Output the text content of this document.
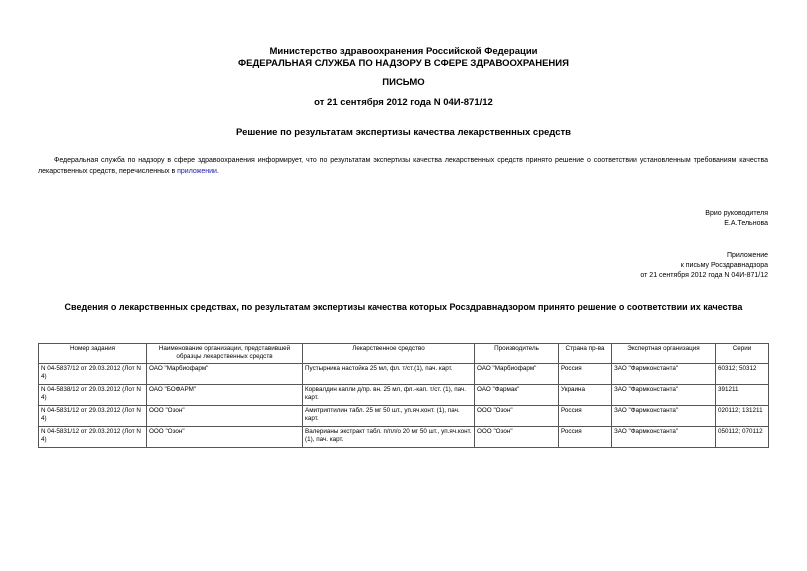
Министерство здравоохранения Российской Федерации
ФЕДЕРАЛЬНАЯ СЛУЖБА ПО НАДЗОРУ В СФЕРЕ ЗДРАВООХРАНЕНИЯ
ПИСЬМО
от 21 сентября 2012 года N 04И-871/12
Решение по результатам экспертизы качества лекарственных средств
Федеральная служба по надзору в сфере здравоохранения информирует, что по результатам экспертизы качества лекарственных средств принято решение о соответствии установленным требованиям качества лекарственных средств, перечисленных в приложении.
Врио руководителя
Е.А.Тельнова
Приложение
к письму Росздравнадзора
от 21 сентября 2012 года N 04И-871/12
Сведения о лекарственных средствах, по результатам экспертизы качества которых Росздравнадзором принято решение о соответствии их качества
Номер задания	Наименование организации, представившей образцы лекарственных средств	Лекарственное средство	Производитель	Страна пр-ва	Экспертная организация	Серии
N 04-5837/12 от 29.03.2012 (Лот N 4)	ОАО "Марбиофарм"	Пустырника настойка 25 мл, фл. т/ст.(1), пач. карт.	ОАО "Марбиофарм"	Россия	ЗАО "Фармконстанта"	60312; 50312
N 04-5838/12 от 29.03.2012 (Лот N 4)	ОАО "БОФАРМ"	Корвалдин капли д/пр. вн. 25 мл, фл.-кап. т/ст. (1), пач. карт.	ОАО "Фармак"	Украина	ЗАО "Фармконстанта"	391211
N 04-5831/12 от 29.03.2012 (Лот N 4)	ООО "Озон"	Амитриптилин табл. 25 мг 50 шт., уп.яч.конт. (1), пач. карт.	ООО "Озон"	Россия	ЗАО "Фармконстанта"	020112; 131211
N 04-5831/12 от 29.03.2012 (Лот N 4)	ООО "Озон"	Валерианы экстракт табл. п/пл/о 20 мг 50 шт., уп.яч.конт. (1), пач. карт.	ООО "Озон"	Россия	ЗАО "Фармконстанта"	050112; 070112
